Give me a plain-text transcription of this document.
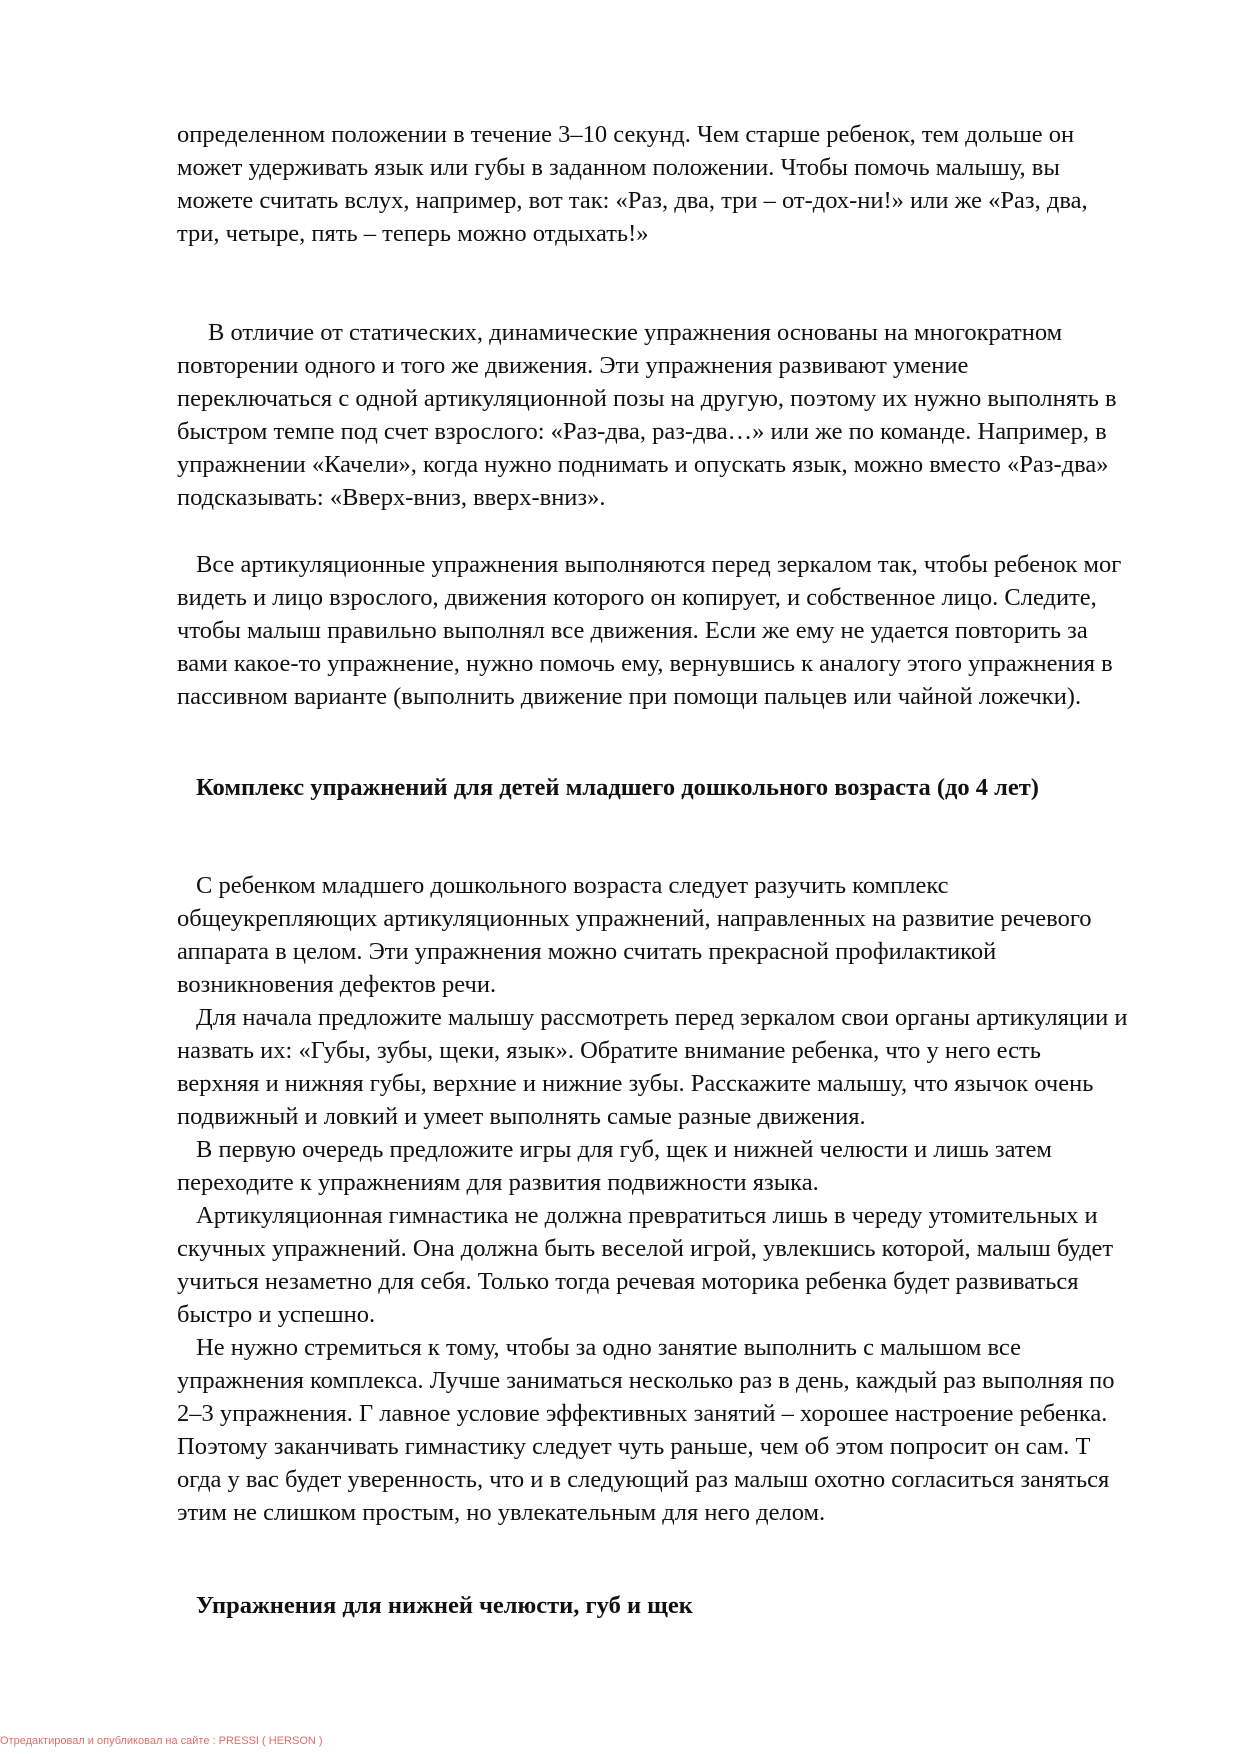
определенном положении в течение 3–10 секунд. Чем старше ребенок, тем дольше он
может удерживать язык или губы в заданном положении. Чтобы помочь малышу, вы
можете считать вслух, например, вот так: «Раз, два, три – от-дох-ни!» или же «Раз, два,
три, четыре, пять – теперь можно отдыхать!»
В отличие от статических, динамические упражнения основаны на многократном
повторении одного и того же движения. Эти упражнения развивают умение
переключаться с одной артикуляционной позы на другую, поэтому их нужно выполнять в
быстром темпе под счет взрослого: «Раз-два, раз-два…» или же по команде. Например, в
упражнении «Качели», когда нужно поднимать и опускать язык, можно вместо «Раз-два»
подсказывать: «Вверх-вниз, вверх-вниз».
Все артикуляционные упражнения выполняются перед зеркалом так, чтобы ребенок мог
видеть и лицо взрослого, движения которого он копирует, и собственное лицо. Следите,
чтобы малыш правильно выполнял все движения. Если же ему не удается повторить за
вами какое-то упражнение, нужно помочь ему, вернувшись к аналогу этого упражнения в
пассивном варианте (выполнить движение при помощи пальцев или чайной ложечки).
Комплекс упражнений для детей младшего дошкольного возраста (до 4 лет)
С ребенком младшего дошкольного возраста следует разучить комплекс
общеукрепляющих артикуляционных упражнений, направленных на развитие речевого
аппарата в целом. Эти упражнения можно считать прекрасной профилактикой
возникновения дефектов речи.
Для начала предложите малышу рассмотреть перед зеркалом свои органы артикуляции и
назвать их: «Губы, зубы, щеки, язык». Обратите внимание ребенка, что у него есть
верхняя и нижняя губы, верхние и нижние зубы. Расскажите малышу, что язычок очень
подвижный и ловкий и умеет выполнять самые разные движения.
В первую очередь предложите игры для губ, щек и нижней челюсти и лишь затем
переходите к упражнениям для развития подвижности языка.
Артикуляционная гимнастика не должна превратиться лишь в череду утомительных и
скучных упражнений. Она должна быть веселой игрой, увлекшись которой, малыш будет
учиться незаметно для себя. Только тогда речевая моторика ребенка будет развиваться
быстро и успешно.
Не нужно стремиться к тому, чтобы за одно занятие выполнить с малышом все
упражнения комплекса. Лучше заниматься несколько раз в день, каждый раз выполняя по
2–3 упражнения. Г лавное условие эффективных занятий – хорошее настроение ребенка.
Поэтому заканчивать гимнастику следует чуть раньше, чем об этом попросит он сам. Т
огда у вас будет уверенность, что и в следующий раз малыш охотно согласиться заняться
этим не слишком простым, но увлекательным для него делом.
Упражнения для нижней челюсти, губ и щек
Отредактировал и опубликовал на сайте : PRESSI ( HERSON )
